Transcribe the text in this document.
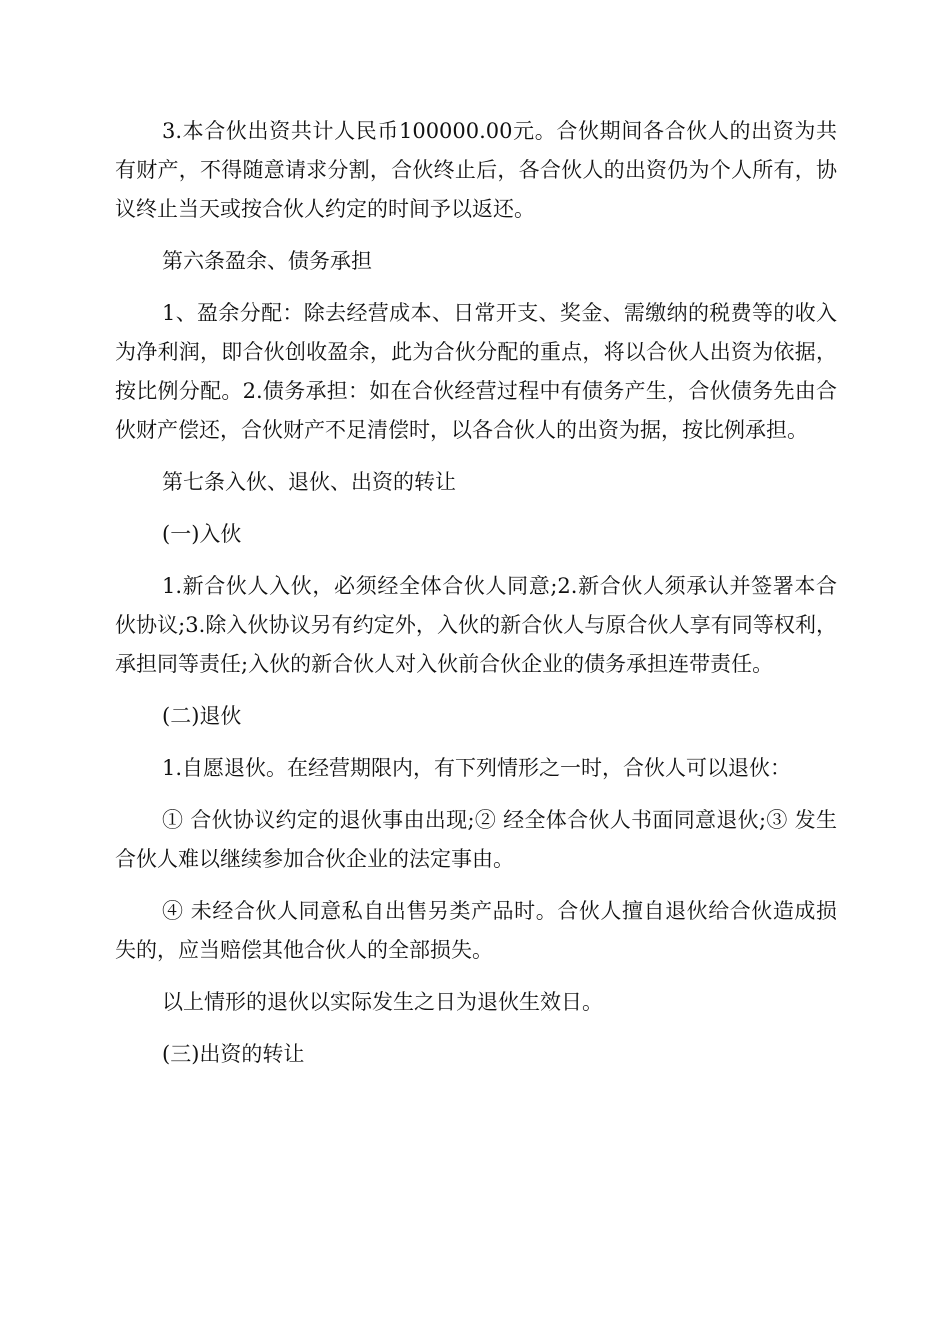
3.本合伙出资共计人民币100000.00元。合伙期间各合伙人的出资为共有财产，不得随意请求分割，合伙终止后，各合伙人的出资仍为个人所有，协议终止当天或按合伙人约定的时间予以返还。

第六条盈余、债务承担

1、盈余分配：除去经营成本、日常开支、奖金、需缴纳的税费等的收入为净利润，即合伙创收盈余，此为合伙分配的重点，将以合伙人出资为依据，按比例分配。2.债务承担：如在合伙经营过程中有债务产生，合伙债务先由合伙财产偿还，合伙财产不足清偿时，以各合伙人的出资为据，按比例承担。

第七条入伙、退伙、出资的转让

(一)入伙

1.新合伙人入伙，必须经全体合伙人同意;2.新合伙人须承认并签署本合伙协议;3.除入伙协议另有约定外，入伙的新合伙人与原合伙人享有同等权利，承担同等责任;入伙的新合伙人对入伙前合伙企业的债务承担连带责任。

(二)退伙

1.自愿退伙。在经营期限内，有下列情形之一时，合伙人可以退伙：

① 合伙协议约定的退伙事由出现;② 经全体合伙人书面同意退伙;③ 发生合伙人难以继续参加合伙企业的法定事由。

④ 未经合伙人同意私自出售另类产品时。合伙人擅自退伙给合伙造成损失的，应当赔偿其他合伙人的全部损失。

以上情形的退伙以实际发生之日为退伙生效日。

(三)出资的转让
